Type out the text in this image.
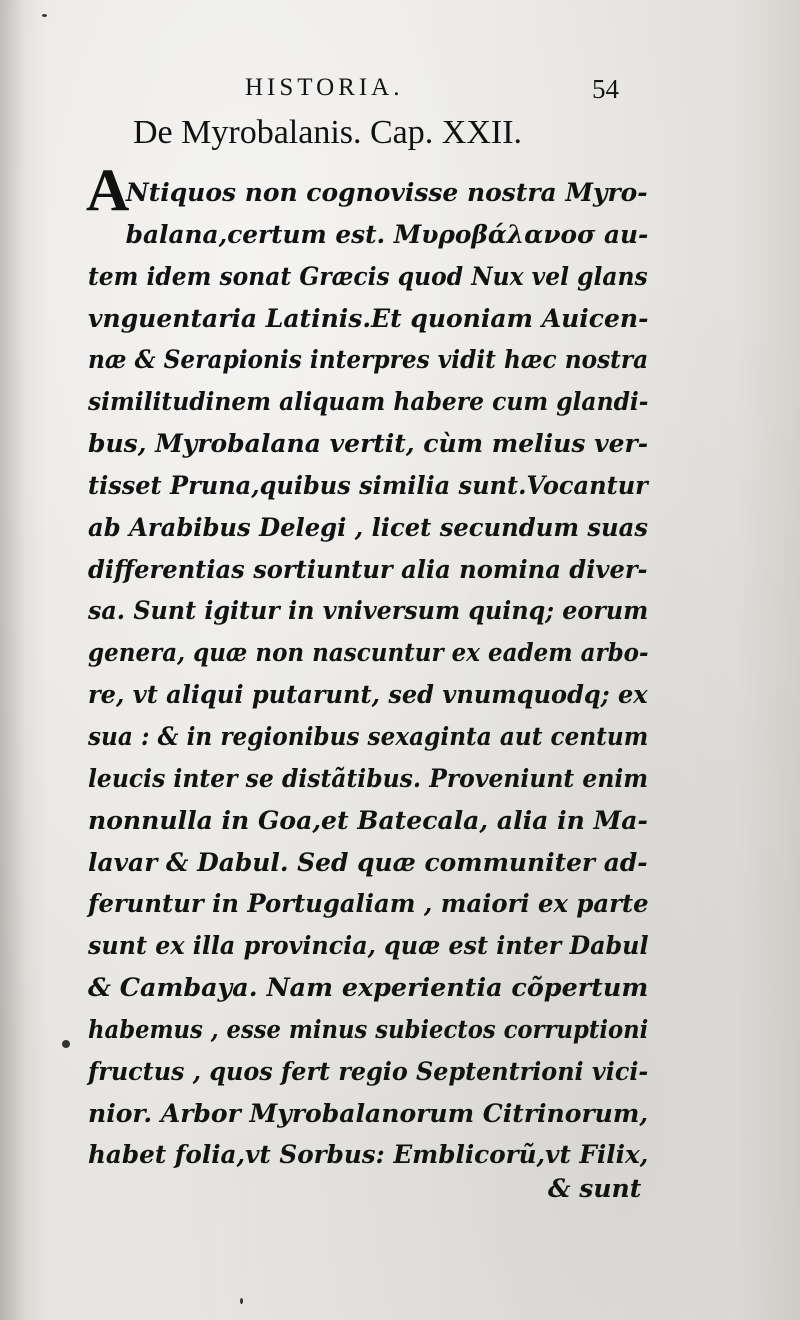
HISTORIA.	54
De Myrobalanis. Cap. XXII.
A
Ntiquos non cognovisse nostra Myro-
balana,certum est. Μυροβάλανοσ au-
tem idem sonat Græcis quod Nux vel glans
vnguentaria Latinis.Et quoniam Auicen-
næ & Serapionis interpres vidit hæc nostra
similitudinem aliquam habere cum glandi-
bus, Myrobalana vertit, cùm melius ver-
tisset Pruna,quibus similia sunt.Vocantur
ab Arabibus Delegi , licet secundum suas
differentias sortiuntur alia nomina diver-
sa. Sunt igitur in vniversum quinq; eorum
genera, quæ non nascuntur ex eadem arbo-
re, vt aliqui putarunt, sed vnumquodq; ex
sua : & in regionibus sexaginta aut centum
leucis inter se distãtibus. Proveniunt enim
nonnulla in Goa,et Batecala, alia in Ma-
lavar & Dabul. Sed quæ communiter ad-
feruntur in Portugaliam , maiori ex parte
sunt ex illa provincia, quæ est inter Dabul
& Cambaya. Nam experientia cõpertum
habemus , esse minus subiectos corruptioni
fructus , quos fert regio Septentrioni vici-
nior. Arbor Myrobalanorum Citrinorum,
habet folia,vt Sorbus: Emblicorũ,vt Filix,
& sunt
